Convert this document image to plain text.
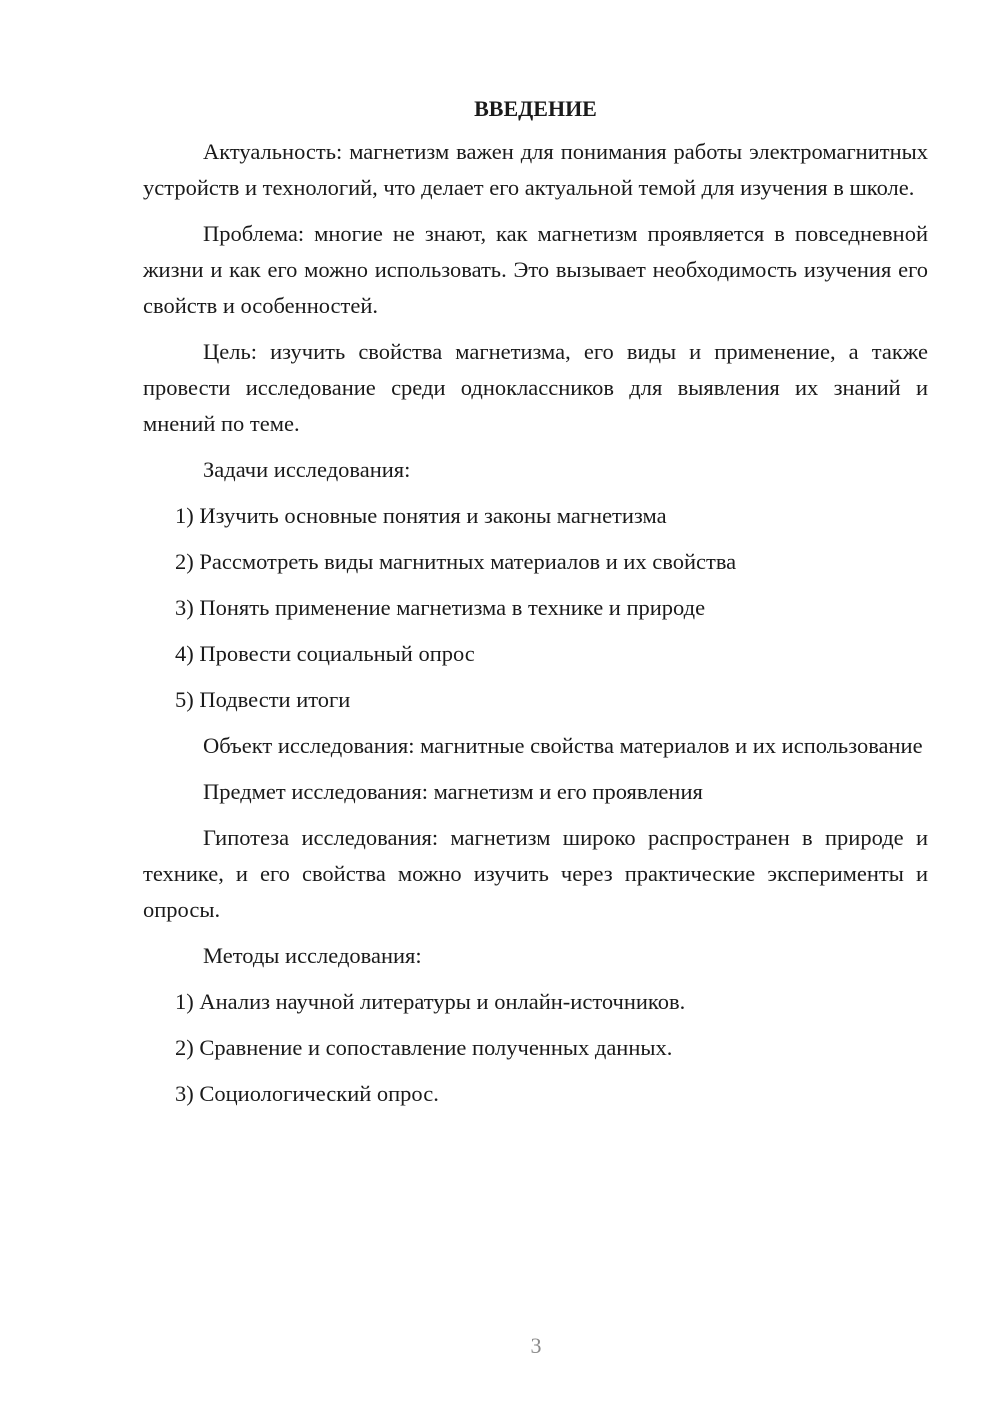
ВВЕДЕНИЕ

Актуальность: магнетизм важен для понимания работы электромагнитных устройств и технологий, что делает его актуальной темой для изучения в школе.

Проблема: многие не знают, как магнетизм проявляется в повседневной жизни и как его можно использовать. Это вызывает необходимость изучения его свойств и особенностей.

Цель: изучить свойства магнетизма, его виды и применение, а также провести исследование среди одноклассников для выявления их знаний и мнений по теме.

Задачи исследования:

1) Изучить основные понятия и законы магнетизма

2) Рассмотреть виды магнитных материалов и их свойства

3) Понять применение магнетизма в технике и природе

4) Провести социальный опрос

5) Подвести итоги

Объект исследования: магнитные свойства материалов и их использование

Предмет исследования: магнетизм и его проявления

Гипотеза исследования: магнетизм широко распространен в природе и технике, и его свойства можно изучить через практические эксперименты и опросы.

Методы исследования:

1) Анализ научной литературы и онлайн-источников.

2) Сравнение и сопоставление полученных данных.

3) Социологический опрос.

3
